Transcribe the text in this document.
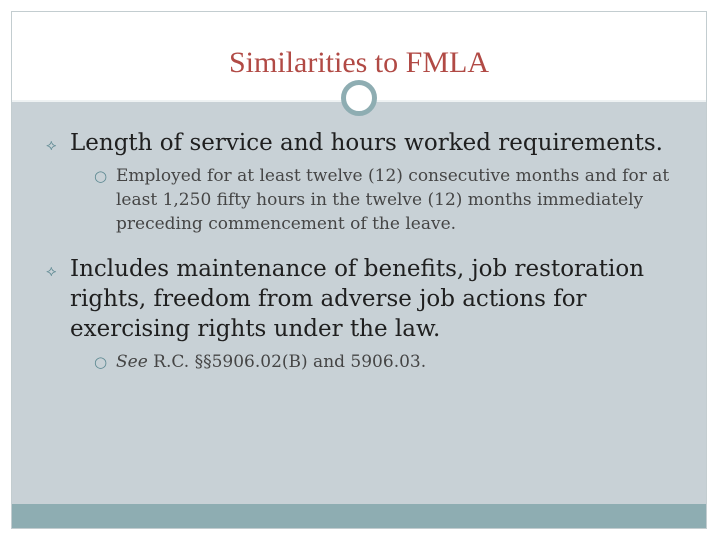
Similarities to FMLA
⟡ Length of service and hours worked requirements.
○ Employed for at least twelve (12) consecutive months and for at least 1,250 fifty hours in the twelve (12) months immediately preceding commencement of the leave.
⟡ Includes maintenance of benefits, job restoration rights, freedom from adverse job actions for exercising rights under the law.
○ See R.C. §§5906.02(B) and 5906.03.
